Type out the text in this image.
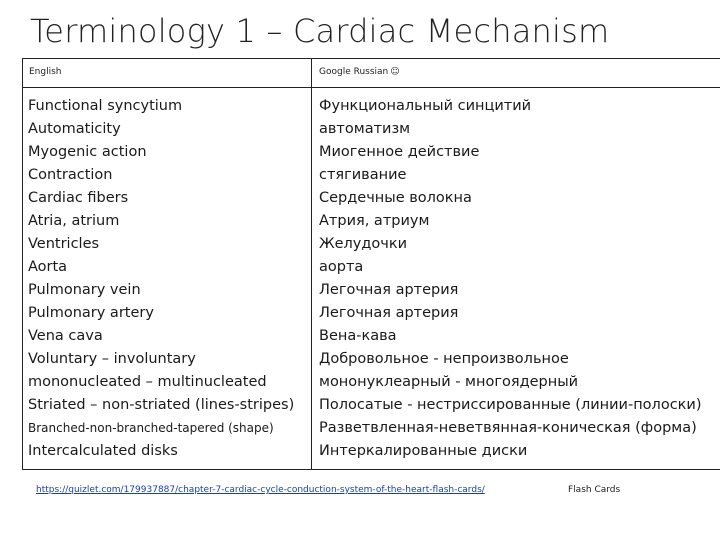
Terminology 1 – Cardiac Mechanism
English	Google Russian ☺
Functional syncytium
Automaticity
Myogenic action
Contraction
Cardiac fibers
Atria, atrium
Ventricles
Aorta
Pulmonary vein
Pulmonary artery
Vena cava
Voluntary – involuntary
mononucleated – multinucleated
Striated – non-striated (lines-stripes)
Branched-non-branched-tapered (shape)
Intercalculated disks
Функциональный синцитий
автоматизм
Миогенное действие
стягивание
Сердечные волокна
Атрия, атриум
Желудочки
аорта
Легочная артерия
Легочная артерия
Вена-кава
Добровольное - непроизвольное
мононуклеарный - многоядерный
Полосатые - нестриссированные (линии-полоски)
Разветвленная-неветвянная-коническая (форма)
Интеркалированные диски
https://quizlet.com/179937887/chapter-7-cardiac-cycle-conduction-system-of-the-heart-flash-cards/	Flash Cards
